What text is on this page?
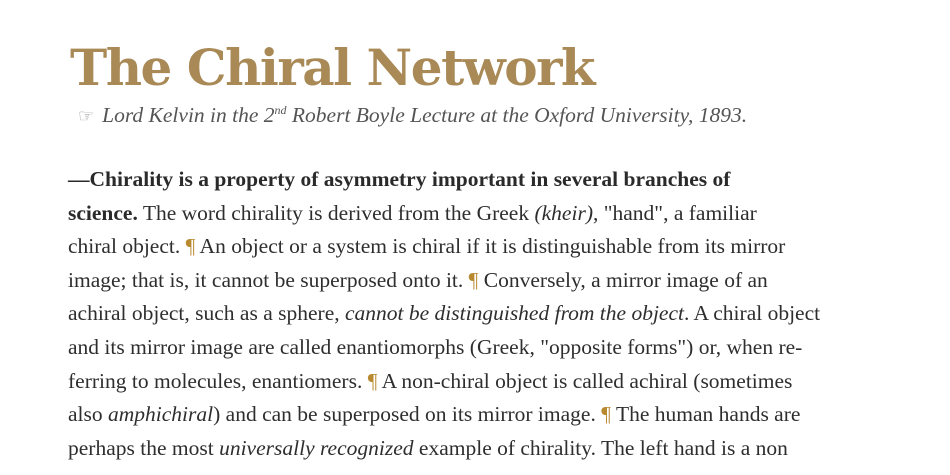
The Chiral Network
☞ Lord Kelvin in the 2nd Robert Boyle Lecture at the Oxford University, 1893.
—Chirality is a property of asymmetry important in several branches of
science. The word chirality is derived from the Greek (kheir), "hand", a familiar
chiral object. ¶ An object or a system is chiral if it is distinguishable from its mirror
image; that is, it cannot be superposed onto it. ¶ Conversely, a mirror image of an
achiral object, such as a sphere, cannot be distinguished from the object. A chiral object
and its mirror image are called enantiomorphs (Greek, "opposite forms") or, when re-
ferring to molecules, enantiomers. ¶ A non-chiral object is called achiral (sometimes
also amphichiral) and can be superposed on its mirror image. ¶ The human hands are
perhaps the most universally recognized example of chirality. The left hand is a non
